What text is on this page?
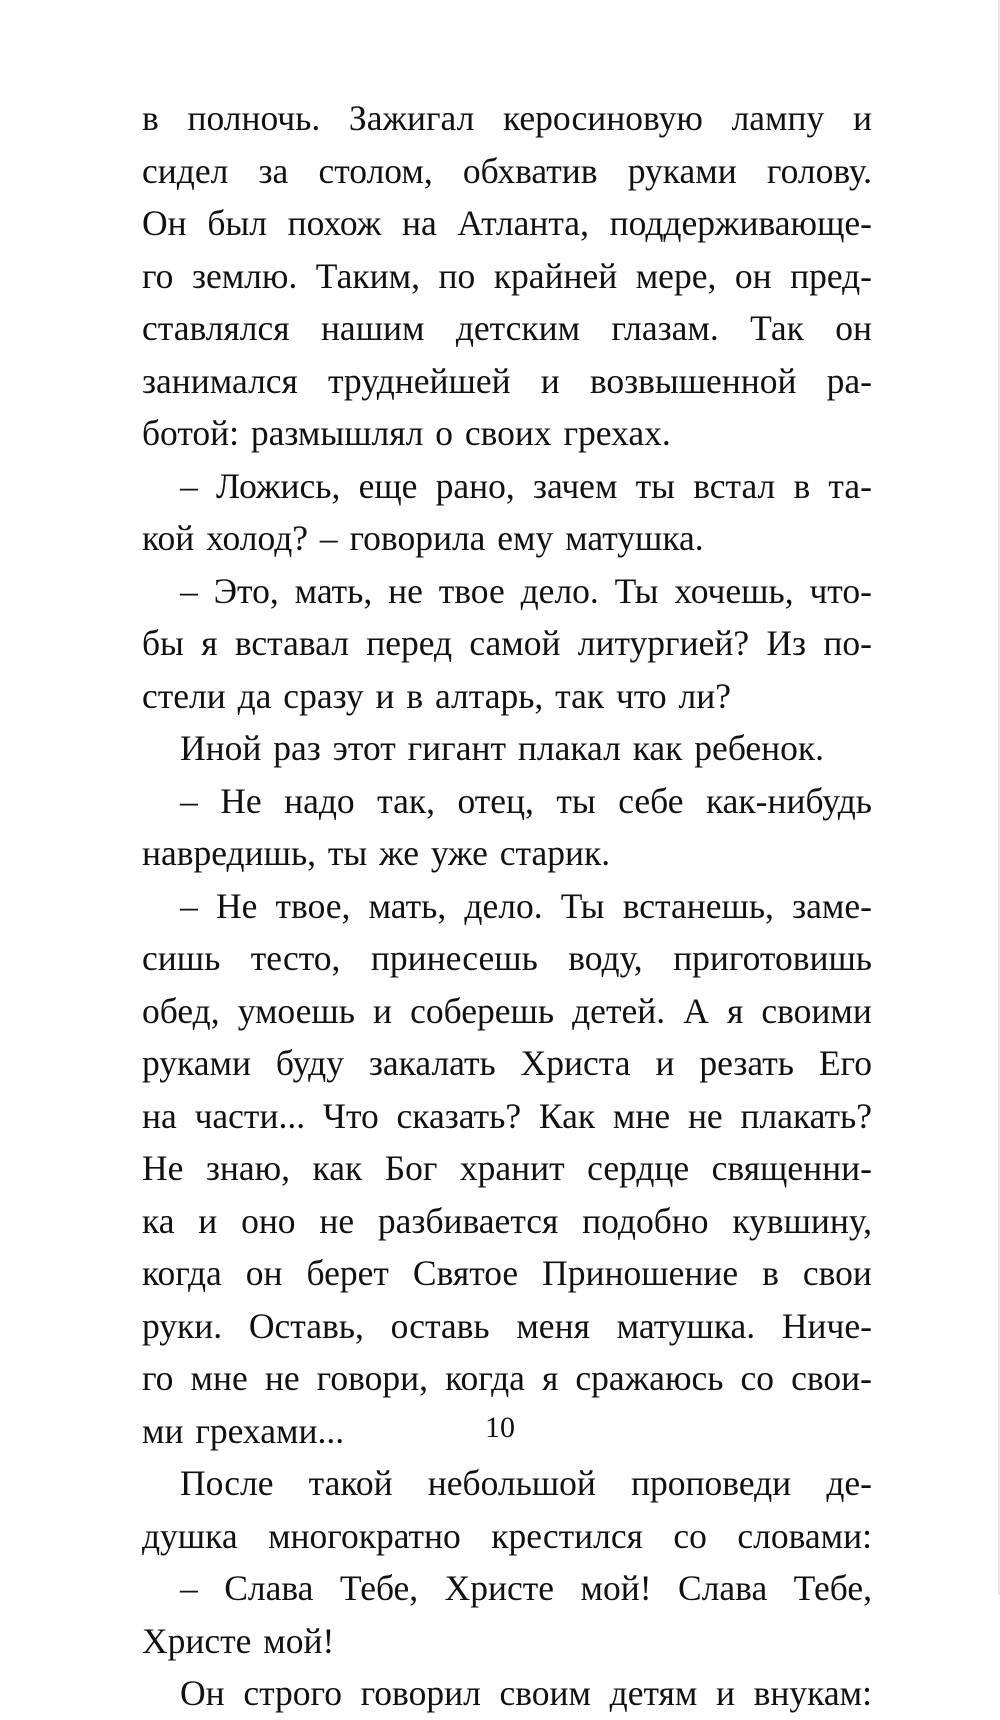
в полночь. Зажигал керосиновую лампу и
сидел за столом, обхватив руками голову.
Он был похож на Атланта, поддерживающе-
го землю. Таким, по крайней мере, он пред-
ставлялся нашим детским глазам. Так он
занимался труднейшей и возвышенной ра-
ботой: размышлял о своих грехах.
– Ложись, еще рано, зачем ты встал в та-
кой холод? – говорила ему матушка.
– Это, мать, не твое дело. Ты хочешь, что-
бы я вставал перед самой литургией? Из по-
стели да сразу и в алтарь, так что ли?
Иной раз этот гигант плакал как ребенок.
– Не надо так, отец, ты себе как-нибудь
навредишь, ты же уже старик.
– Не твое, мать, дело. Ты встанешь, заме-
сишь тесто, принесешь воду, приготовишь
обед, умоешь и соберешь детей. А я своими
руками буду закалать Христа и резать Его
на части... Что сказать? Как мне не плакать?
Не знаю, как Бог хранит сердце священни-
ка и оно не разбивается подобно кувшину,
когда он берет Святое Приношение в свои
руки. Оставь, оставь меня матушка. Ниче-
го мне не говори, когда я сражаюсь со свои-
ми грехами...
После такой небольшой проповеди де-
душка многократно крестился со словами:
– Слава Тебе, Христе мой! Слава Тебе,
Христе мой!
Он строго говорил своим детям и внукам:
10
